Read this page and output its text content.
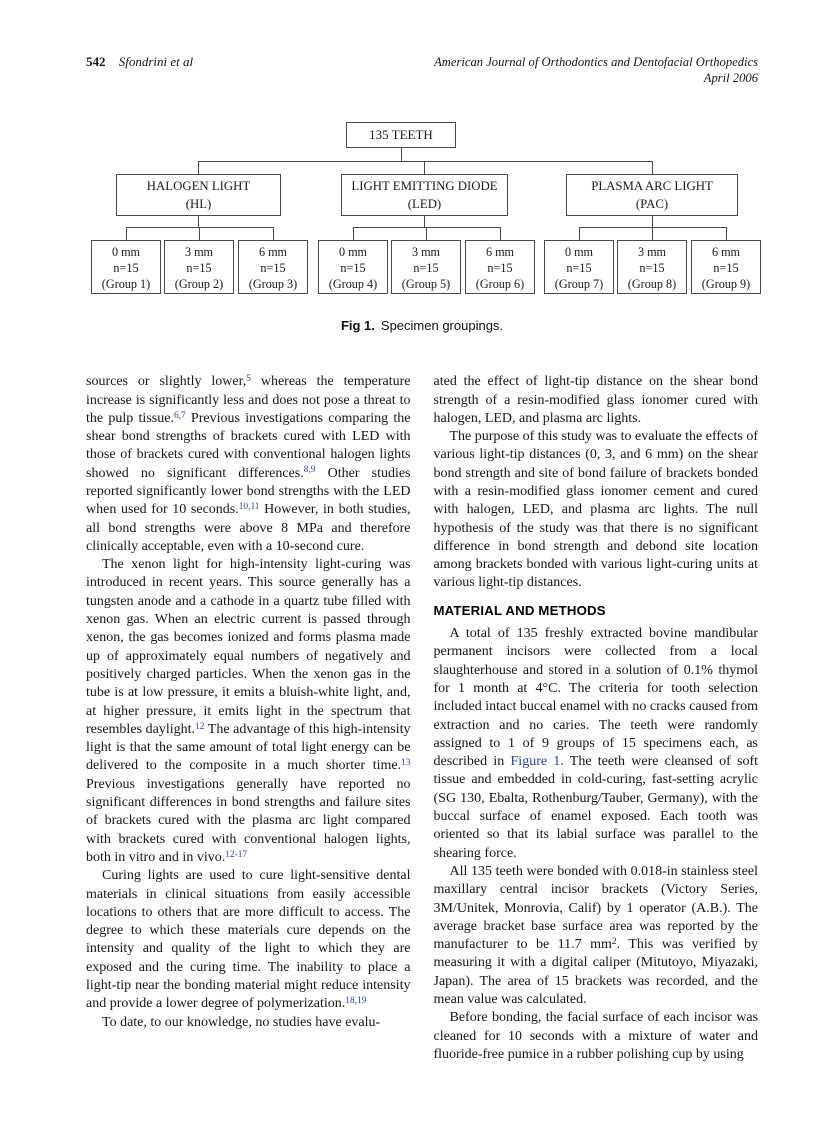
542 Sfondrini et al	American Journal of Orthodontics and Dentofacial Orthopedics
April 2006
135 TEETH
HALOGEN LIGHT
(HL)
LIGHT EMITTING DIODE
(LED)
PLASMA ARC LIGHT
(PAC)
0 mm
n=15
(Group 1)
3 mm
n=15
(Group 2)
6 mm
n=15
(Group 3)
0 mm
n=15
(Group 4)
3 mm
n=15
(Group 5)
6 mm
n=15
(Group 6)
0 mm
n=15
(Group 7)
3 mm
n=15
(Group 8)
6 mm
n=15
(Group 9)
Fig 1. Specimen groupings.

sources or slightly lower,$^5$ whereas the temperature increase is significantly less and does not pose a threat to the pulp tissue.$^{6,7}$ Previous investigations comparing the shear bond strengths of brackets cured with LED with those of brackets cured with conventional halogen lights showed no significant differences.$^{8,9}$ Other studies reported significantly lower bond strengths with the LED when used for 10 seconds.$^{10,11}$ However, in both studies, all bond strengths were above 8 MPa and therefore clinically acceptable, even with a 10-second cure.

The xenon light for high-intensity light-curing was introduced in recent years. This source generally has a tungsten anode and a cathode in a quartz tube filled with xenon gas. When an electric current is passed through xenon, the gas becomes ionized and forms plasma made up of approximately equal numbers of negatively and positively charged particles. When the xenon gas in the tube is at low pressure, it emits a bluish-white light, and, at higher pressure, it emits light in the spectrum that resembles daylight.$^{12}$ The advantage of this high-intensity light is that the same amount of total light energy can be delivered to the composite in a much shorter time.$^{13}$ Previous investigations generally have reported no significant differences in bond strengths and failure sites of brackets cured with the plasma arc light compared with brackets cured with conventional halogen lights, both in vitro and in vivo.$^{12-17}$

Curing lights are used to cure light-sensitive dental materials in clinical situations from easily accessible locations to others that are more difficult to access. The degree to which these materials cure depends on the intensity and quality of the light to which they are exposed and the curing time. The inability to place a light-tip near the bonding material might reduce intensity and provide a lower degree of polymerization.$^{18,19}$

To date, to our knowledge, no studies have evalu-

ated the effect of light-tip distance on the shear bond strength of a resin-modified glass ionomer cured with halogen, LED, and plasma arc lights.

The purpose of this study was to evaluate the effects of various light-tip distances (0, 3, and 6 mm) on the shear bond strength and site of bond failure of brackets bonded with a resin-modified glass ionomer cement and cured with halogen, LED, and plasma arc lights. The null hypothesis of the study was that there is no significant difference in bond strength and debond site location among brackets bonded with various light-curing units at various light-tip distances.

MATERIAL AND METHODS

A total of 135 freshly extracted bovine mandibular permanent incisors were collected from a local slaughterhouse and stored in a solution of 0.1% thymol for 1 month at 4°C. The criteria for tooth selection included intact buccal enamel with no cracks caused from extraction and no caries. The teeth were randomly assigned to 1 of 9 groups of 15 specimens each, as described in Figure 1. The teeth were cleansed of soft tissue and embedded in cold-curing, fast-setting acrylic (SG 130, Ebalta, Rothenburg/Tauber, Germany), with the buccal surface of enamel exposed. Each tooth was oriented so that its labial surface was parallel to the shearing force.

All 135 teeth were bonded with 0.018-in stainless steel maxillary central incisor brackets (Victory Series, 3M/Unitek, Monrovia, Calif) by 1 operator (A.B.). The average bracket base surface area was reported by the manufacturer to be 11.7 $mm^2$. This was verified by measuring it with a digital caliper (Mitutoyo, Miyazaki, Japan). The area of 15 brackets was recorded, and the mean value was calculated.

Before bonding, the facial surface of each incisor was cleaned for 10 seconds with a mixture of water and fluoride-free pumice in a rubber polishing cup by using
